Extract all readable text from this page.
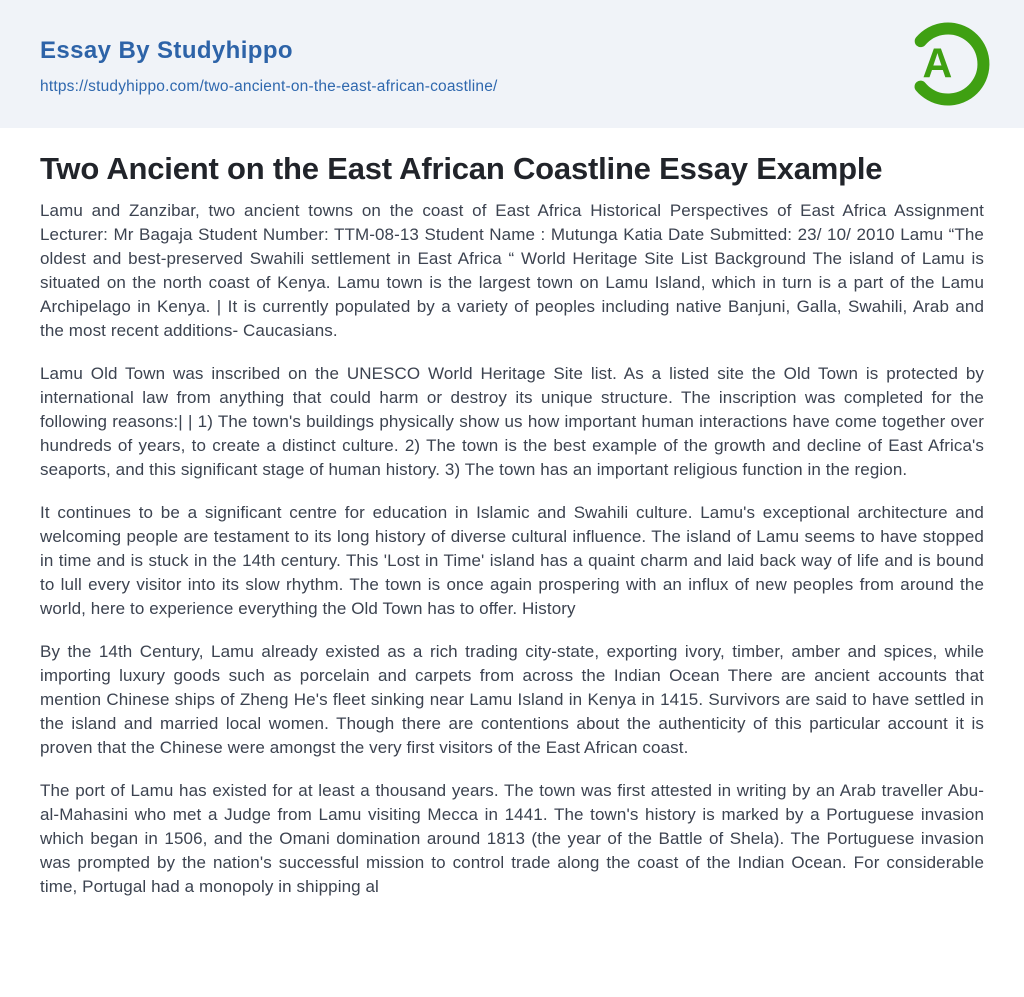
Essay By Studyhippo
https://studyhippo.com/two-ancient-on-the-east-african-coastline/	A
Two Ancient on the East African Coastline Essay Example

Lamu and Zanzibar, two ancient towns on the coast of East Africa Historical Perspectives of East Africa Assignment Lecturer: Mr Bagaja Student Number: TTM-08-13 Student Name : Mutunga Katia Date Submitted: 23/ 10/ 2010 Lamu “The oldest and best-preserved Swahili settlement in East Africa “ World Heritage Site List Background The island of Lamu is situated on the north coast of Kenya. Lamu town is the largest town on Lamu Island, which in turn is a part of the Lamu Archipelago in Kenya. | It is currently populated by a variety of peoples including native Banjuni, Galla, Swahili, Arab and the most recent additions- Caucasians.

Lamu Old Town was inscribed on the UNESCO World Heritage Site list. As a listed site the Old Town is protected by international law from anything that could harm or destroy its unique structure. The inscription was completed for the following reasons:| | 1) The town's buildings physically show us how important human interactions have come together over hundreds of years, to create a distinct culture. 2) The town is the best example of the growth and decline of East Africa's seaports, and this significant stage of human history. 3) The town has an important religious function in the region.

It continues to be a significant centre for education in Islamic and Swahili culture. Lamu's exceptional architecture and welcoming people are testament to its long history of diverse cultural influence. The island of Lamu seems to have stopped in time and is stuck in the 14th century. This 'Lost in Time' island has a quaint charm and laid back way of life and is bound to lull every visitor into its slow rhythm. The town is once again prospering with an influx of new peoples from around the world, here to experience everything the Old Town has to offer. History

By the 14th Century, Lamu already existed as a rich trading city-state, exporting ivory, timber, amber and spices, while importing luxury goods such as porcelain and carpets from across the Indian Ocean There are ancient accounts that mention Chinese ships of Zheng He's fleet sinking near Lamu Island in Kenya in 1415. Survivors are said to have settled in the island and married local women. Though there are contentions about the authenticity of this particular account it is proven that the Chinese were amongst the very first visitors of the East African coast.

The port of Lamu has existed for at least a thousand years. The town was first attested in writing by an Arab traveller Abu-al-Mahasini who met a Judge from Lamu visiting Mecca in 1441. The town's history is marked by a Portuguese invasion which began in 1506, and the Omani domination around 1813 (the year of the Battle of Shela). The Portuguese invasion was prompted by the nation's successful mission to control trade along the coast of the Indian Ocean. For considerable time, Portugal had a monopoly in shipping al
